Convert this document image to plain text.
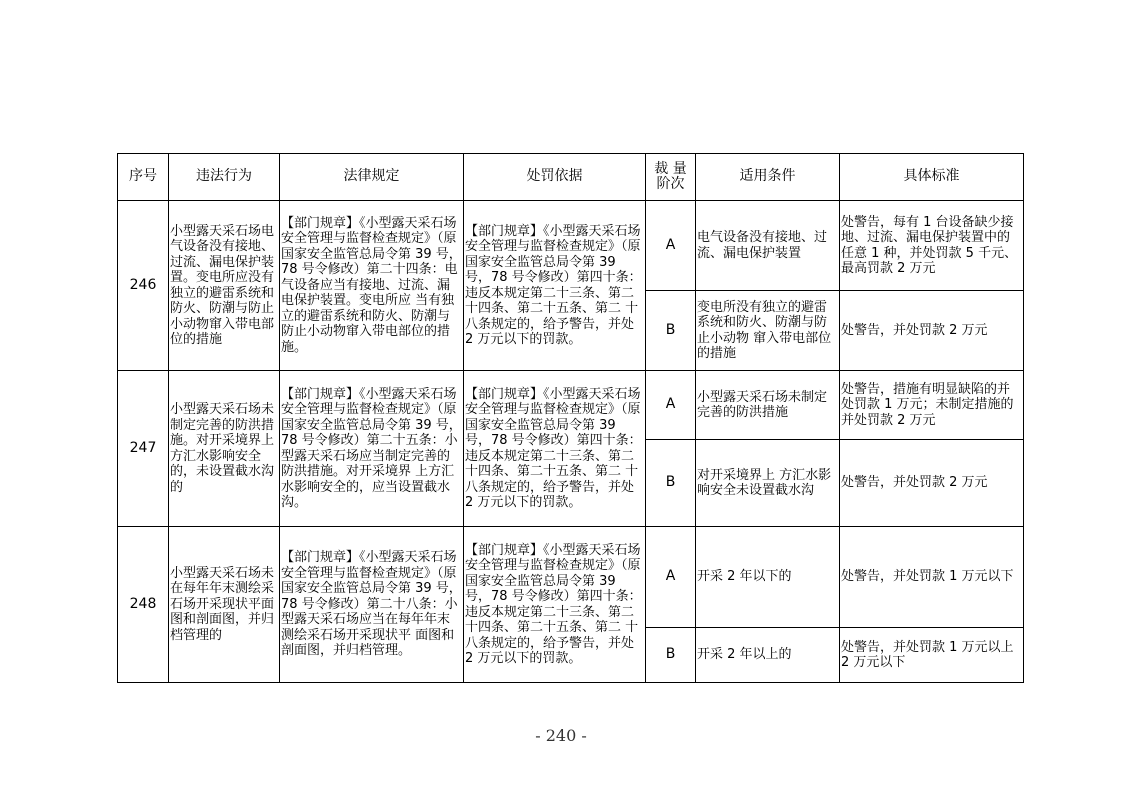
序号	违法行为	法律规定	处罚依据	裁 量 阶次	适用条件	具体标准
246	小型露天采石场电气设备没有接地、过流、漏电保护装置。变电所应没有独立的避雷系统和防火、防潮与防止小动物窜入带电部位的措施	【部门规章】《小型露天采石场安全管理与监督检查规定》（原国家安全监管总局令第 39 号，78 号令修改）第二十四条：电气设备应当有接地、过流、漏电保护装置。变电所应 当有独立的避雷系统和防火、防潮与防止小动物窜入带电部位的措施。	【部门规章】《小型露天采石场安全管理与监督检查规定》（原国家安全监管总局令第 39 号，78 号令修改）第四十条：违反本规定第二十三条、第二十四条、第二十五条、第二 十八条规定的，给予警告，并处 2 万元以下的罚款。	A	电气设备没有接地、过流、漏电保护装置	处警告，每有 1 台设备缺少接地、过流、漏电保护装置中的任意 1 种，并处罚款 5 千元、 最高罚款 2 万元
				B	变电所没有独立的避雷系统和防火、防潮与防止小动物 窜入带电部位的措施	处警告，并处罚款 2 万元
247	小型露天采石场未制定完善的防洪措施。对开采境界上方汇水影响安全的，未设置截水沟的	【部门规章】《小型露天采石场安全管理与监督检查规定》（原国家安全监管总局令第 39 号，78 号令修改）第二十五条：小型露天采石场应当制定完善的防洪措施。对开采境界 上方汇水影响安全的，应当设置截水沟。	【部门规章】《小型露天采石场安全管理与监督检查规定》（原国家安全监管总局令第 39 号，78 号令修改）第四十条：违反本规定第二十三条、第二十四条、第二十五条、第二 十八条规定的，给予警告，并处 2 万元以下的罚款。	A	小型露天采石场未制定完善的防洪措施	处警告，措施有明显缺陷的并处罚款 1 万元；未制定措施的并处罚款 2 万元
				B	对开采境界上 方汇水影响安全未设置截水沟	处警告，并处罚款 2 万元
248	小型露天采石场未在每年年末测绘采石场开采现状平面图和剖面图，并归档管理的	【部门规章】《小型露天采石场安全管理与监督检查规定》（原国家安全监管总局令第 39 号，78 号令修改）第二十八条：小型露天采石场应当在每年年末测绘采石场开采现状平 面图和剖面图，并归档管理。	【部门规章】《小型露天采石场安全管理与监督检查规定》（原国家安全监管总局令第 39 号，78 号令修改）第四十条：违反本规定第二十三条、第二十四条、第二十五条、第二 十八条规定的，给予警告，并处 2 万元以下的罚款。	A	开采 2 年以下的	处警告，并处罚款 1 万元以下
				B	开采 2 年以上的	处警告，并处罚款 1 万元以上 2 万元以下
- 240 -
